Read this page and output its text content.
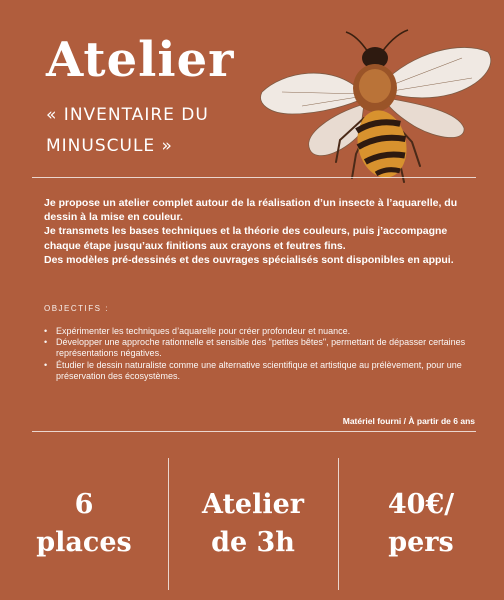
Atelier
« INVENTAIRE DU MINUSCULE »

Je propose un atelier complet autour de la réalisation d’un insecte à l’aquarelle, du dessin à la mise en couleur.

Je transmets les bases techniques et la théorie des couleurs, puis j’accompagne chaque étape jusqu’aux finitions aux crayons et feutres fins.

Des modèles pré-dessinés et des ouvrages spécialisés sont disponibles en appui.

OBJECTIFS :
• Expérimenter les techniques d’aquarelle pour créer profondeur et nuance.
• Développer une approche rationnelle et sensible des "petites bêtes", permettant de dépasser certaines représentations négatives.
• Étudier le dessin naturaliste comme une alternative scientifique et artistique au prélèvement, pour une préservation des écosystèmes.
Matériel fourni / À partir de 6 ans
6
places
Atelier
de 3h
40€/
pers
